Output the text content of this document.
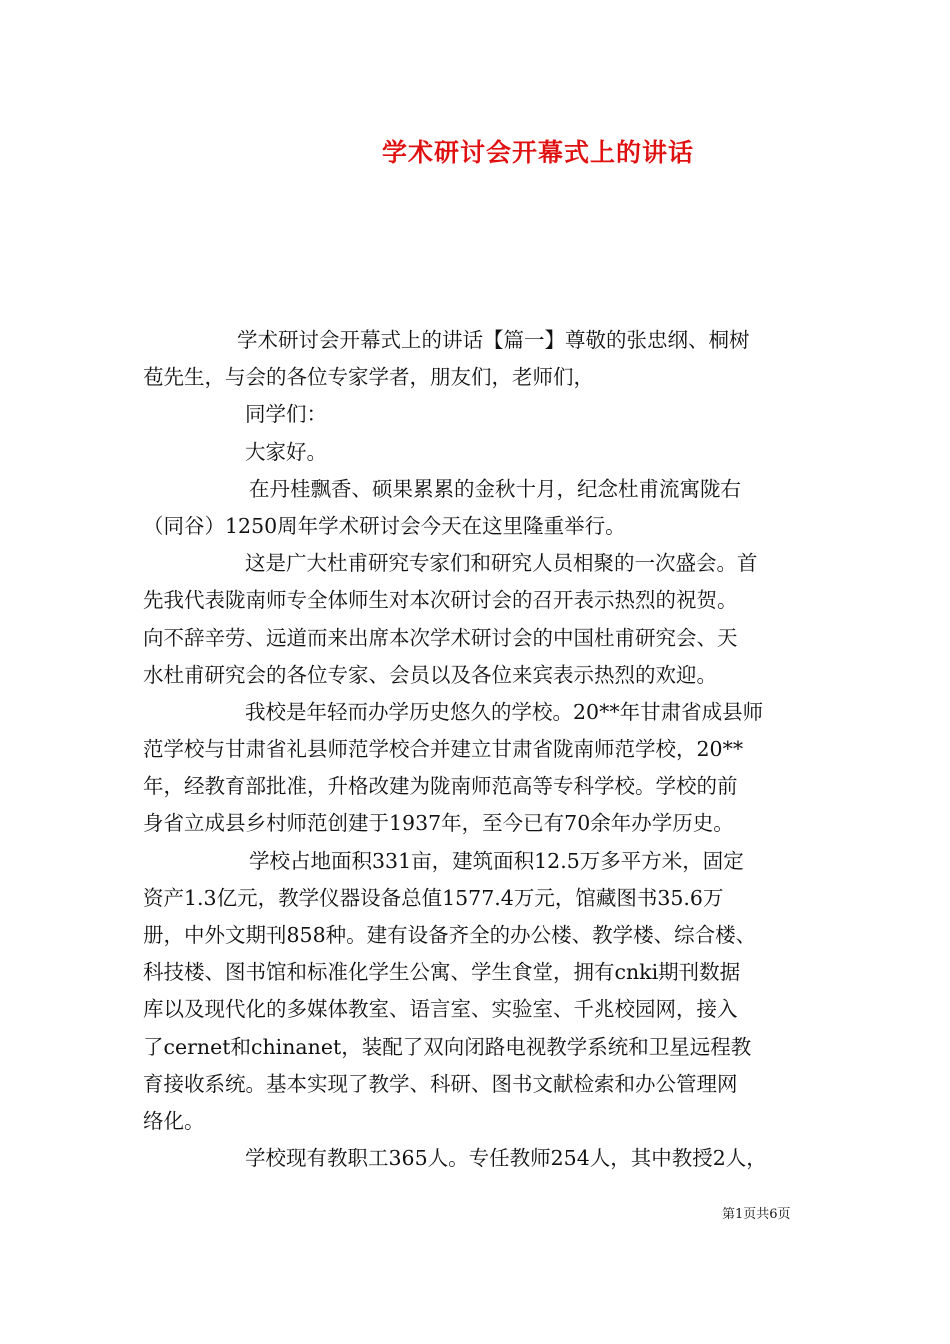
学术研讨会开幕式上的讲话
学术研讨会开幕式上的讲话【篇一】尊敬的张忠纲、桐树
苞先生，与会的各位专家学者，朋友们，老师们，
同学们：
大家好。
在丹桂飘香、硕果累累的金秋十月，纪念杜甫流寓陇右
（同谷）1250周年学术研讨会今天在这里隆重举行。
这是广大杜甫研究专家们和研究人员相聚的一次盛会。首
先我代表陇南师专全体师生对本次研讨会的召开表示热烈的祝贺。
向不辞辛劳、远道而来出席本次学术研讨会的中国杜甫研究会、天
水杜甫研究会的各位专家、会员以及各位来宾表示热烈的欢迎。
我校是年轻而办学历史悠久的学校。20**年甘肃省成县师
范学校与甘肃省礼县师范学校合并建立甘肃省陇南师范学校，20**
年，经教育部批准，升格改建为陇南师范高等专科学校。学校的前
身省立成县乡村师范创建于1937年，至今已有70余年办学历史。
学校占地面积331亩，建筑面积12.5万多平方米，固定
资产1.3亿元，教学仪器设备总值1577.4万元，馆藏图书35.6万
册，中外文期刊858种。建有设备齐全的办公楼、教学楼、综合楼、
科技楼、图书馆和标准化学生公寓、学生食堂，拥有cnki期刊数据
库以及现代化的多媒体教室、语言室、实验室、千兆校园网，接入
了cernet和chinanet，装配了双向闭路电视教学系统和卫星远程教
育接收系统。基本实现了教学、科研、图书文献检索和办公管理网
络化。
学校现有教职工365人。专任教师254人，其中教授2人，
第1页共6页
